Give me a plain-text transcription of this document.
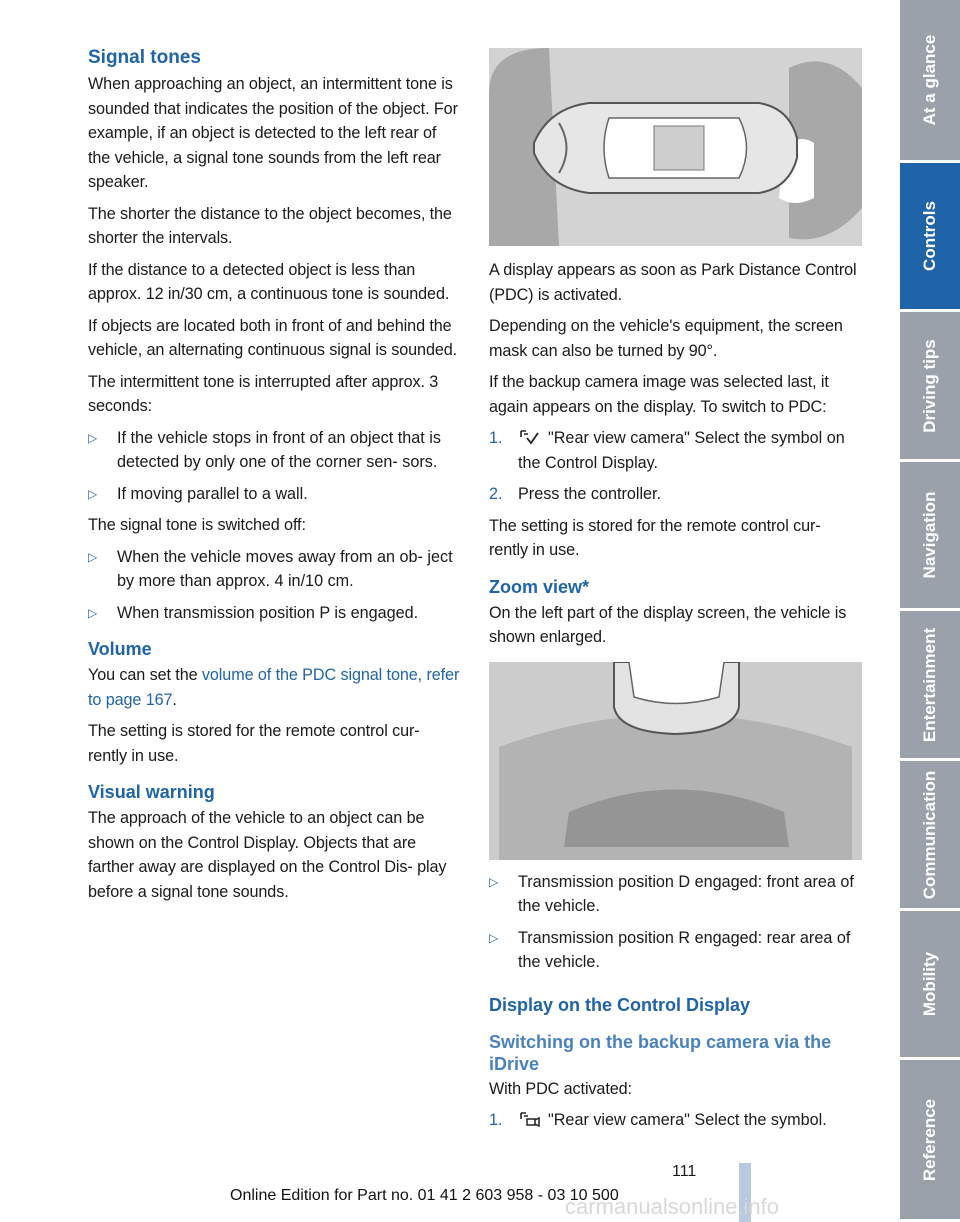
Signal tones

When approaching an object, an intermittent tone is sounded that indicates the position of the object. For example, if an object is detected to the left rear of the vehicle, a signal tone sounds from the left rear speaker.

The shorter the distance to the object becomes, the shorter the intervals.

If the distance to a detected object is less than approx. 12 in/30 cm, a continuous tone is sounded.

If objects are located both in front of and behind the vehicle, an alternating continuous signal is sounded.

The intermittent tone is interrupted after approx. 3 seconds:

▷ If the vehicle stops in front of an object that is detected by only one of the corner sen‐ sors.
▷ If moving parallel to a wall.

The signal tone is switched off:

▷ When the vehicle moves away from an ob‐ ject by more than approx. 4 in/10 cm.
▷ When transmission position P is engaged.
Volume

You can set the volume of the PDC signal tone, refer to page 167.

The setting is stored for the remote control cur‐ rently in use.

Visual warning

The approach of the vehicle to an object can be shown on the Control Display. Objects that are farther away are displayed on the Control Dis‐ play before a signal tone sounds.

A display appears as soon as Park Distance Control (PDC) is activated.

Depending on the vehicle's equipment, the screen mask can also be turned by 90°.

If the backup camera image was selected last, it again appears on the display. To switch to PDC:

1.	"Rear view camera" Select the symbol on the Control Display.
2. Press the controller.

The setting is stored for the remote control cur‐ rently in use.

Zoom view*

On the left part of the display screen, the vehicle is shown enlarged.

▷ Transmission position D engaged: front area of the vehicle.
▷ Transmission position R engaged: rear area of the vehicle.
Display on the Control Display
Switching on the backup camera via the iDrive

With PDC activated:

1.	"Rear view camera" Select the symbol.
At a glance
Controls
Driving tips
Navigation
Entertainment
Communication
Mobility
Reference
111
Online Edition for Part no. 01 41 2 603 958 - 03 10 500
carmanualsonline.info
